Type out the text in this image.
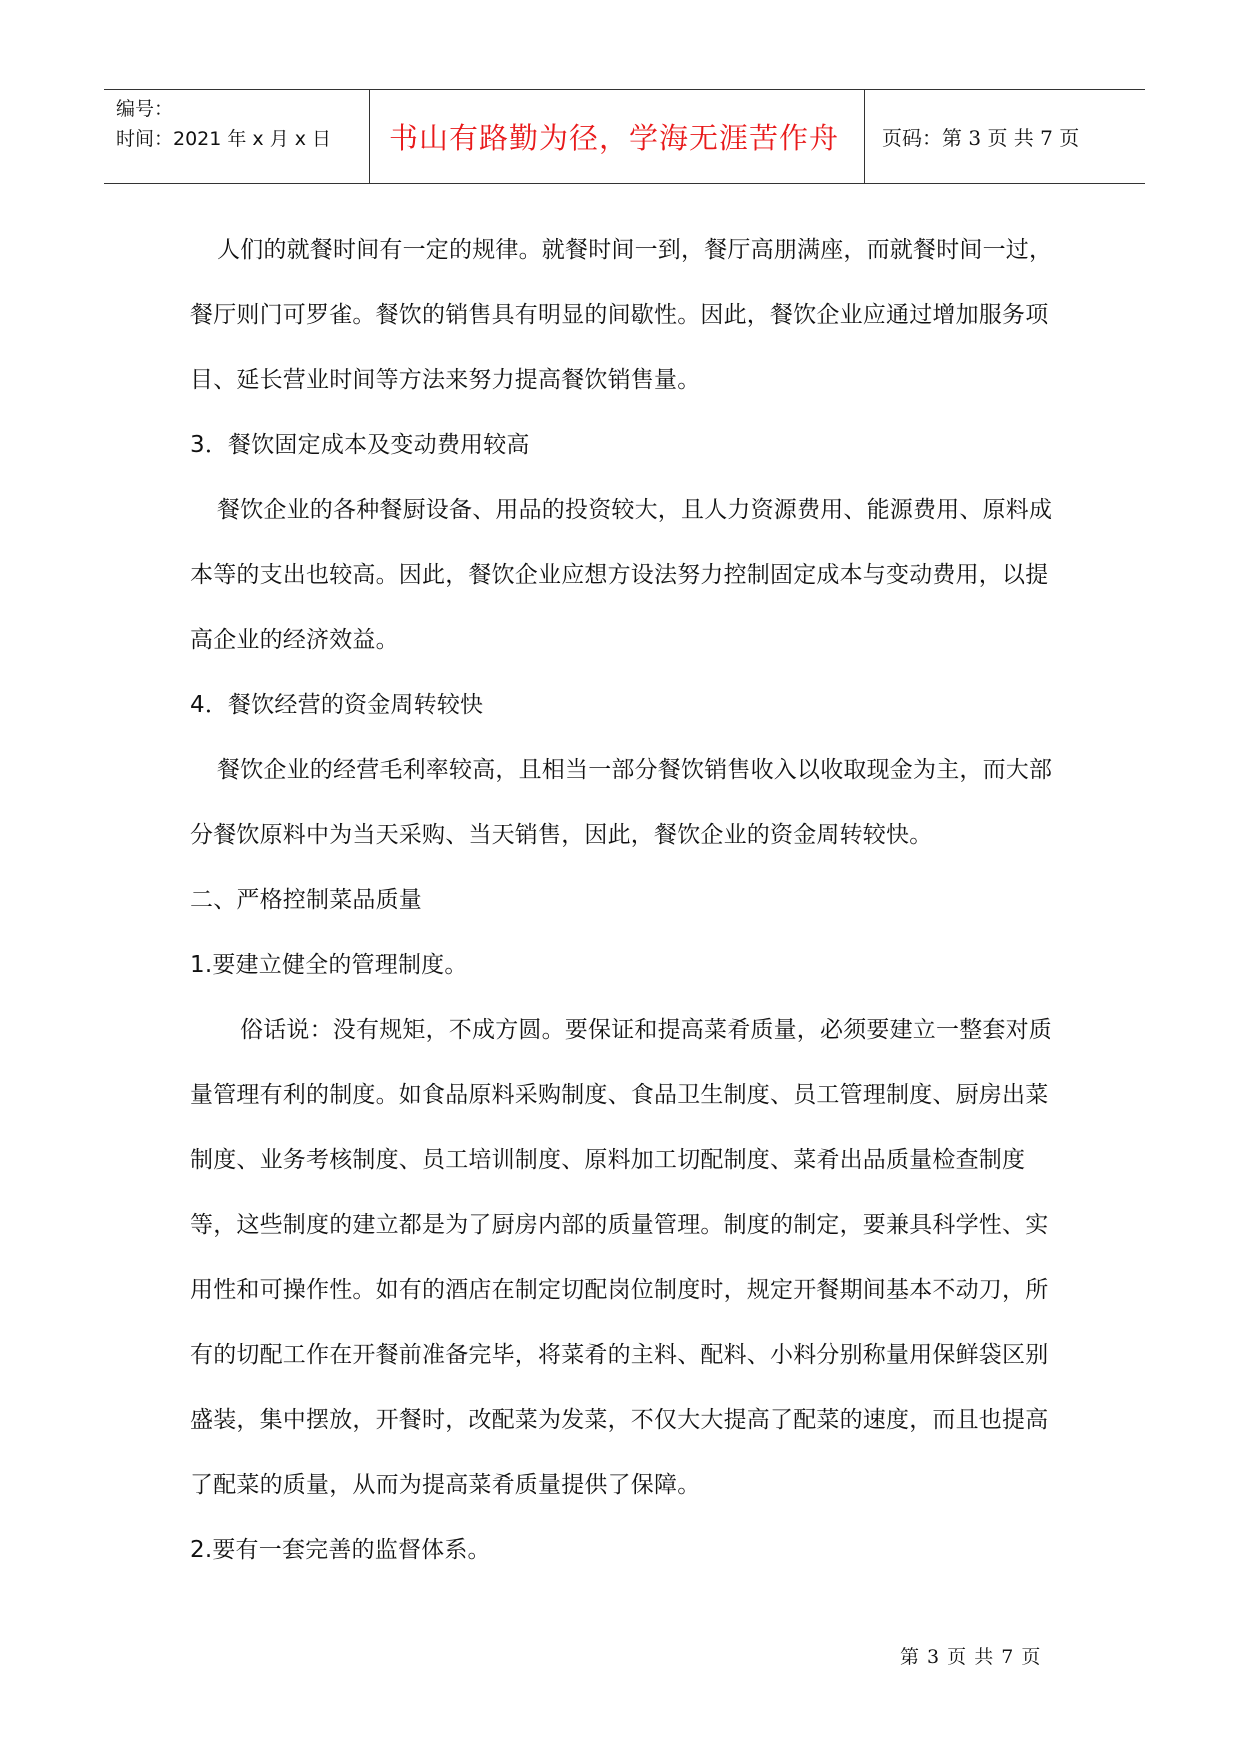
编号：
时间：2021 年 x 月 x 日	书山有路勤为径，学海无涯苦作舟	页码：第 3 页 共 7 页

人们的就餐时间有一定的规律。就餐时间一到，餐厅高朋满座，而就餐时间一过，餐厅则门可罗雀。餐饮的销售具有明显的间歇性。因此，餐饮企业应通过增加服务项目、延长营业时间等方法来努力提高餐饮销售量。

3．餐饮固定成本及变动费用较高

餐饮企业的各种餐厨设备、用品的投资较大，且人力资源费用、能源费用、原料成本等的支出也较高。因此，餐饮企业应想方设法努力控制固定成本与变动费用，以提高企业的经济效益。

4．餐饮经营的资金周转较快

餐饮企业的经营毛利率较高，且相当一部分餐饮销售收入以收取现金为主，而大部分餐饮原料中为当天采购、当天销售，因此，餐饮企业的资金周转较快。

二、严格控制菜品质量

1.要建立健全的管理制度。

俗话说：没有规矩，不成方圆。要保证和提高菜肴质量，必须要建立一整套对质量管理有利的制度。如食品原料采购制度、食品卫生制度、员工管理制度、厨房出菜制度、业务考核制度、员工培训制度、原料加工切配制度、菜肴出品质量检查制度等，这些制度的建立都是为了厨房内部的质量管理。制度的制定，要兼具科学性、实用性和可操作性。如有的酒店在制定切配岗位制度时，规定开餐期间基本不动刀，所有的切配工作在开餐前准备完毕，将菜肴的主料、配料、小料分别称量用保鲜袋区别盛装，集中摆放，开餐时，改配菜为发菜，不仅大大提高了配菜的速度，而且也提高了配菜的质量，从而为提高菜肴质量提供了保障。

2.要有一套完善的监督体系。

第 3 页 共 7 页
